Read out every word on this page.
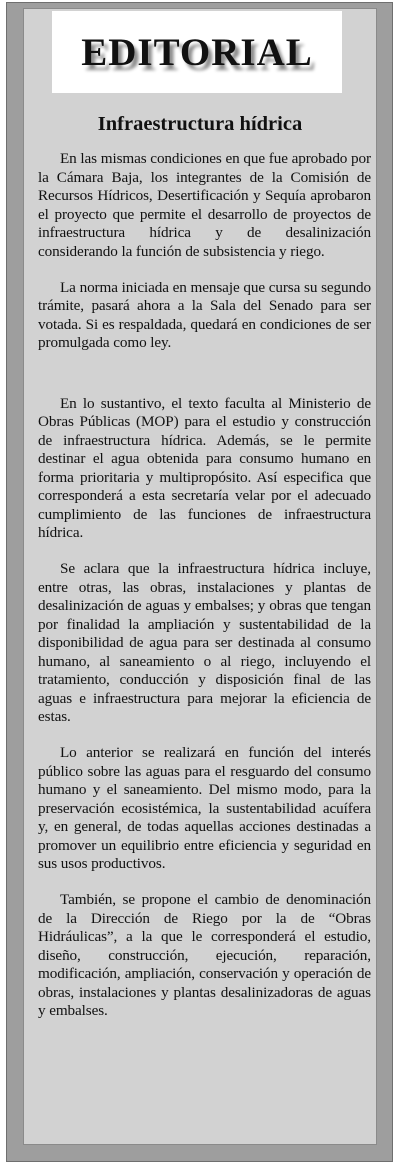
EDITORIAL
Infraestructura hídrica

En las mismas condiciones en que fue aprobado por la Cámara Baja, los integrantes de la Comisión de Recursos Hídricos, Desertificación y Sequía aprobaron el proyecto que permite el desarrollo de proyectos de infraestructura hídrica y de desalinización considerando la función de subsistencia y riego.

La norma iniciada en mensaje que cursa su segundo trámite, pasará ahora a la Sala del Senado para ser votada. Si es respaldada, quedará en condiciones de ser promulgada como ley.

En lo sustantivo, el texto faculta al Ministerio de Obras Públicas (MOP) para el estudio y construcción de infraestructura hídrica. Además, se le permite destinar el agua obtenida para consumo humano en forma prioritaria y multipropósito. Así especifica que corresponderá a esta secretaría velar por el adecuado cumplimiento de las funciones de infraestructura hídrica.

Se aclara que la infraestructura hídrica incluye, entre otras, las obras, instalaciones y plantas de desalinización de aguas y embalses; y obras que tengan por finalidad la ampliación y sustentabilidad de la disponibilidad de agua para ser destinada al consumo humano, al saneamiento o al riego, incluyendo el tratamiento, conducción y disposición final de las aguas e infraestructura para mejorar la eficiencia de estas.

Lo anterior se realizará en función del interés público sobre las aguas para el resguardo del consumo humano y el saneamiento. Del mismo modo, para la preservación ecosistémica, la sustentabilidad acuífera y, en general, de todas aquellas acciones destinadas a promover un equilibrio entre eficiencia y seguridad en sus usos productivos.

También, se propone el cambio de denominación de la Dirección de Riego por la de “Obras Hidráulicas”, a la que le corresponderá el estudio, diseño, construcción, ejecución, reparación, modificación, ampliación, conservación y operación de obras, instalaciones y plantas desalinizadoras de aguas y embalses.
